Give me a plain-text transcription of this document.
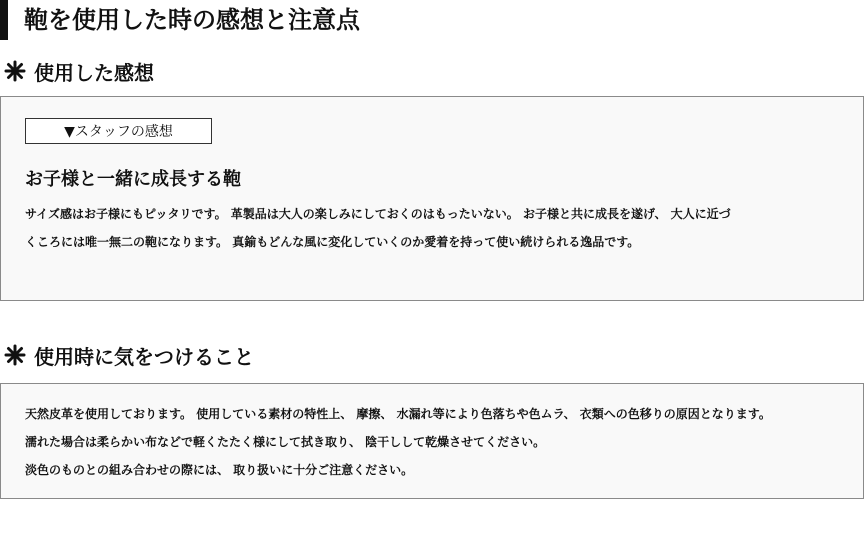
鞄を使用した時の感想と注意点
使用した感想
▼スタッフの感想
お子様と一緒に成長する鞄
サイズ感はお子様にもピッタリです。 革製品は大人の楽しみにしておくのはもったいない。 お子様と共に成長を遂げ、 大人に近づ
くころには唯一無二の鞄になります。 真鍮もどんな風に変化していくのか愛着を持って使い続けられる逸品です。
使用時に気をつけること
天然皮革を使用しております。 使用している素材の特性上、 摩擦、 水漏れ等により色落ちや色ムラ、 衣類への色移りの原因となります。
濡れた場合は柔らかい布などで軽くたたく様にして拭き取り、 陰干しして乾燥させてください。
淡色のものとの組み合わせの際には、 取り扱いに十分ご注意ください。
